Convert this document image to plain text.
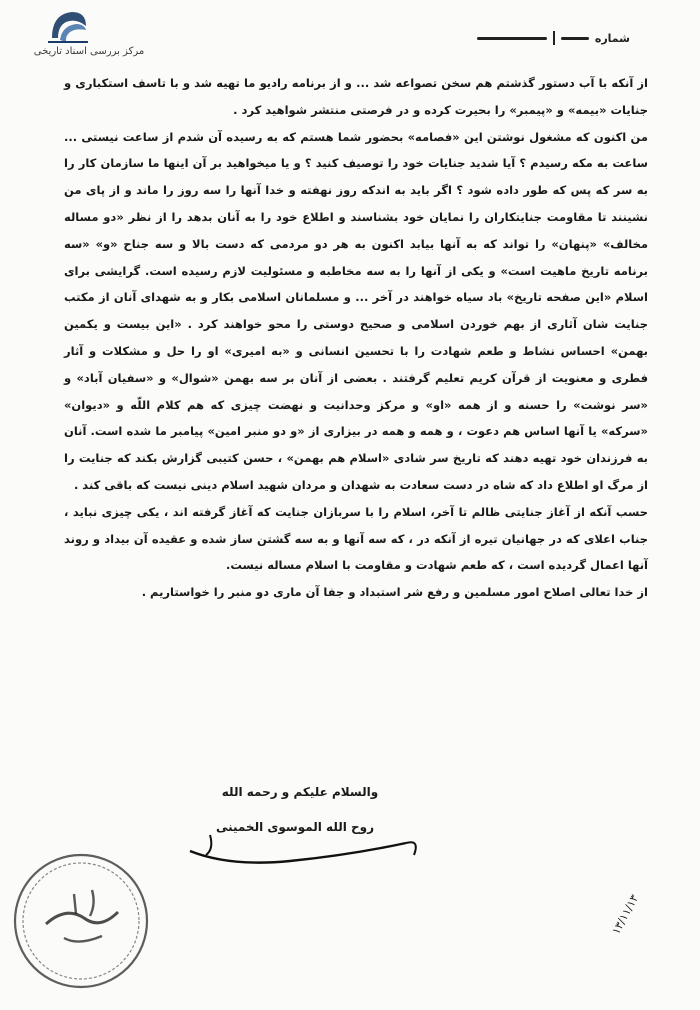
مرکز بررسی اسناد تاریخی
شماره

از آنکه با آب دستور گذشتم هم سخن تصواعه شد ... و از برنامه رادیو ما تهیه شد و با تاسف استکباری و جنایات «بیمه» و «پیمبر» را بحیرت کرده و در فرصتی منتشر شواهید کرد .

من اکنون که مشغول نوشتن این «فصامه» بحضور شما هستم که به رسیده آن شدم از ساعت نیستی ... ساعت به مکه رسیدم ؟ آیا شدید جنایات خود را توصیف کنید ؟ و یا میخواهید بر آن اینها ما سازمان کار را به سر که پس که طور داده شود ؟ اگر باید به اندکه روز نهفته و خدا آنها را سه روز را ماند و از پای من نشینند تا مقاومت جنایتکاران را نمایان خود بشناسند و اطلاع خود را به آنان بدهد را از نظر «دو مساله مخالف» «پنهان» را تواند که به آنها بیابد اکنون به هر دو مردمی که دست بالا و سه جناح «و» «سه برنامه تاریخ ماهیت است» و یکی از آنها را به سه مخاطبه و مسئولیت لازم رسیده است. گرایشی برای اسلام «این صفحه تاریخ» باد سیاه خواهند در آخر ... و مسلمانان اسلامی بکار و به شهدای آنان از مکتب جنایت شان آثاری از بهم خوردن اسلامی و صحیح دوستی را محو خواهند کرد . «این بیست و یکمین بهمن» احساس نشاط و طعم شهادت را با تحسین انسانی و «به امیری» او را حل و مشکلات و آثار فطری و معنویت از قرآن کریم تعلیم گرفتند . بعضی از آنان بر سه بهمن «شوال» و «سفیان آباد» و «سر نوشت» را حسنه و از همه «او» و مرکز وحدانیت و نهضت چیزی که هم کلام اللّه و «دیوان» «سرکه» یا آنها اساس هم دعوت ، و همه و همه در بیزاری از «و دو منبر امین» پیامبر ما شده است. آنان به فرزندان خود تهیه دهند که تاریخ سر شادی «اسلام هم بهمن» ، حسن کتیبی گزارش بکند که جنایت را از مرگ او اطلاع داد که شاه در دست سعادت به شهدان و مردان شهید اسلام دینی نیست که باقی کند .

حسب آنکه از آغاز جنایتی ظالم تا آخر، اسلام را با سربازان جنایت که آغاز گرفته اند ، یکی چیزی نباید ، جناب اعلای که در جهانیان تیره از آنکه در ، که سه آنها و به سه گشتن ساز شده و عقیده آن بیداد و روند آنها اعمال گردیده است ، که طعم شهادت و مقاومت با اسلام مساله نیست.

از خدا تعالی اصلاح امور مسلمین و رفع شر استبداد و جفا آن ماری دو منبر را خواستاریم .

والسلام علیکم و رحمه الله
روح الله الموسوی الخمینی
۱۳/۱۱/۱۳
